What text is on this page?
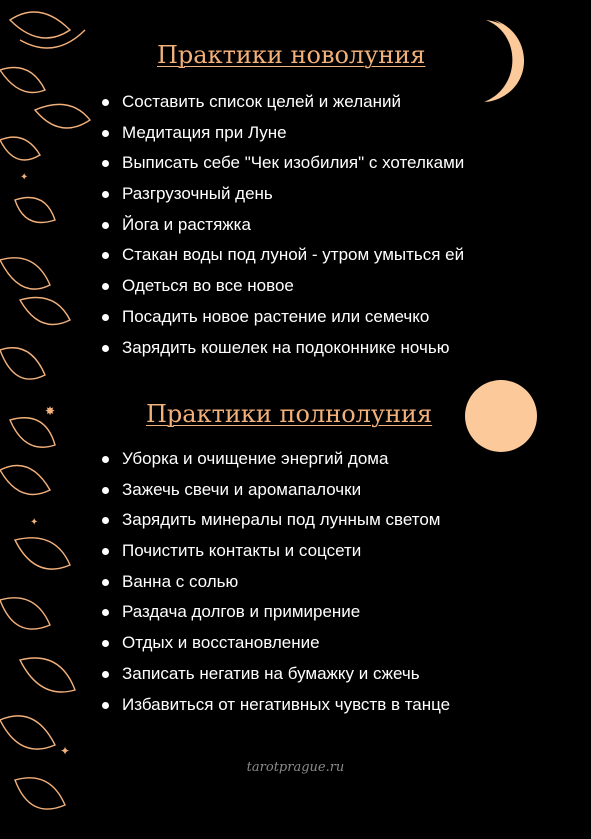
✦
✸
✦
✦
Практики новолуния
Составить список целей и желаний
Медитация при Луне
Выписать себе "Чек изобилия" с хотелками
Разгрузочный день
Йога и растяжка
Стакан воды под луной - утром умыться ей
Одеться во все новое
Посадить новое растение или семечко
Зарядить кошелек на подоконнике ночью
Практики полнолуния
Уборка и очищение энергий дома
Зажечь свечи и аромапалочки
Зарядить минералы под лунным светом
Почистить контакты и соцсети
Ванна с солью
Раздача долгов и примирение
Отдых и восстановление
Записать негатив на бумажку и сжечь
Избавиться от негативных чувств в танце
tarotprague.ru
